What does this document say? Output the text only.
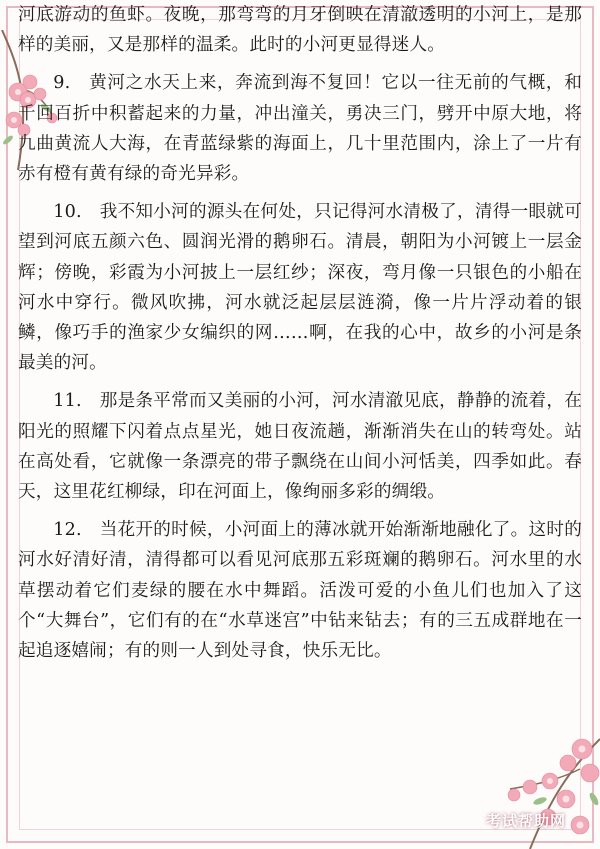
河底游动的鱼虾。夜晚，那弯弯的月牙倒映在清澈透明的小河上，是那样的美丽，又是那样的温柔。此时的小河更显得迷人。

9.　黄河之水天上来，奔流到海不复回！它以一往无前的气概，和千回百折中积蓄起来的力量，冲出潼关，勇决三门，劈开中原大地，将九曲黄流人大海，在青蓝绿紫的海面上，几十里范围内，涂上了一片有赤有橙有黄有绿的奇光异彩。

10.　我不知小河的源头在何处，只记得河水清极了，清得一眼就可望到河底五颜六色、圆润光滑的鹅卵石。清晨，朝阳为小河镀上一层金辉；傍晚，彩霞为小河披上一层红纱；深夜，弯月像一只银色的小船在河水中穿行。微风吹拂，河水就泛起层层涟漪，像一片片浮动着的银鳞，像巧手的渔家少女编织的网……啊，在我的心中，故乡的小河是条最美的河。

11.　那是条平常而又美丽的小河，河水清澈见底，静静的流着，在阳光的照耀下闪着点点星光，她日夜流趟，渐渐消失在山的转弯处。站在高处看，它就像一条漂亮的带子飘绕在山间小河恬美，四季如此。春天，这里花红柳绿，印在河面上，像绚丽多彩的绸缎。

12.　当花开的时候，小河面上的薄冰就开始渐渐地融化了。这时的河水好清好清，清得都可以看见河底那五彩斑斓的鹅卵石。河水里的水草摆动着它们麦绿的腰在水中舞蹈。活泼可爱的小鱼儿们也加入了这个“大舞台”，它们有的在“水草迷宫”中钻来钻去；有的三五成群地在一起追逐嬉闹；有的则一人到处寻食，快乐无比。

考试帮助网
